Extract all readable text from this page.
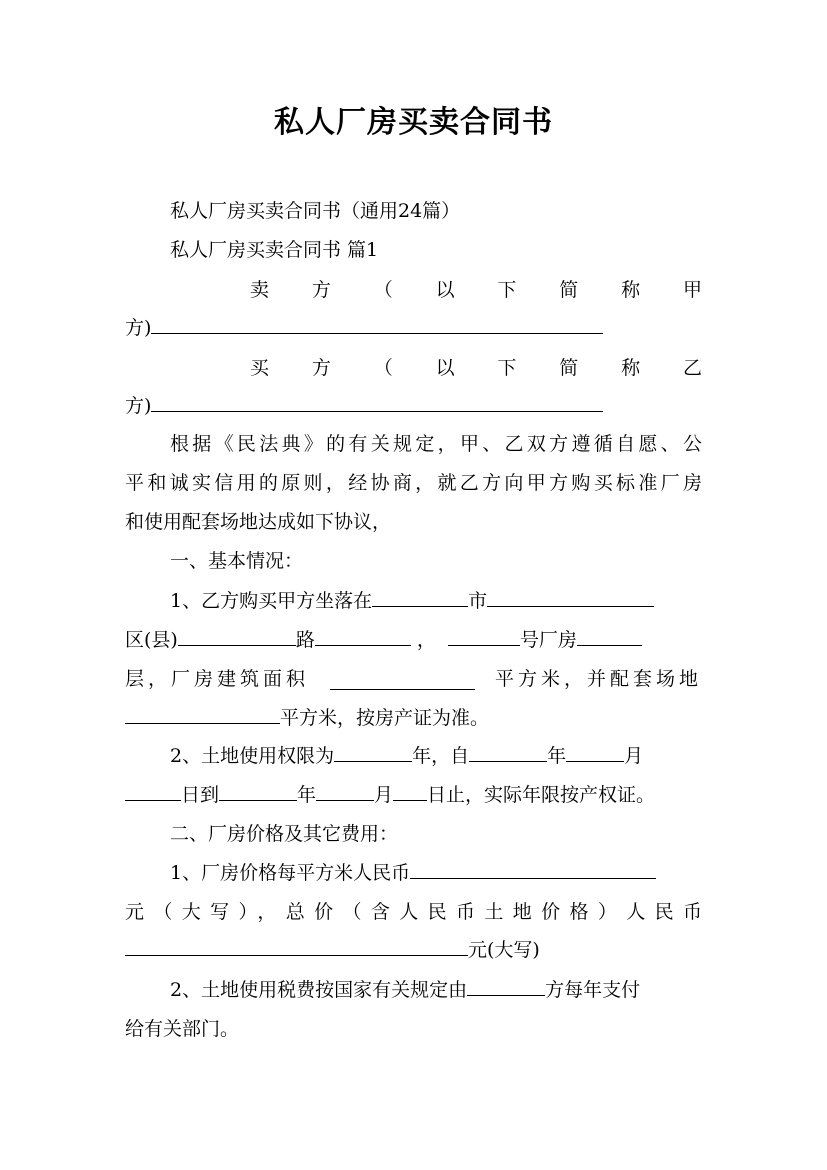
私人厂房买卖合同书
私人厂房买卖合同书（通用24篇）
私人厂房买卖合同书 篇1
卖方（以下简称甲
方)
买方（以下简称乙
方)
根据《民法典》的有关规定，甲、乙双方遵循自愿、公
平和诚实信用的原则，经协商，就乙方向甲方购买标准厂房
和使用配套场地达成如下协议，
一、基本情况：
1、乙方购买甲方坐落在	市
区(县)	路	，	号厂房
层，厂房建筑面积	平方米，并配套场地
平方米，按房产证为准。
2、土地使用权限为	年，自	年	月
日到	年	月 日止，实际年限按产权证。
二、厂房价格及其它费用：
1、厂房价格每平方米人民币
元（大写），总价（含人民币土地价格）人民币
元(大写)
2、土地使用税费按国家有关规定由	方每年支付
给有关部门。
